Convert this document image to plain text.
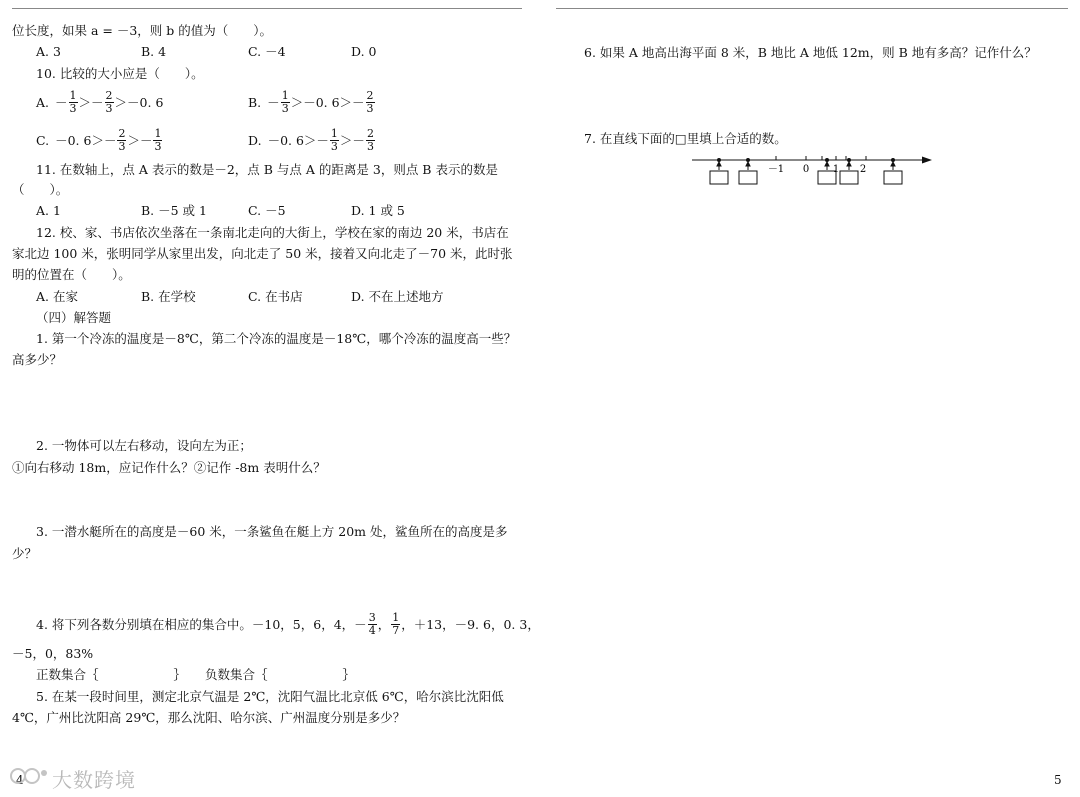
位长度，如果 a = －3，则 b 的值为（　　）。
A. 3	B. 4	C. －4	D. 0
10. 比较的大小应是（　　）。
A. － $\frac{1}{3} >- \frac{2}{3} >-0$. 6	B. － $\frac{1}{3} >-0$. $6>- \frac{2}{3}$
C. －0. $6>- \frac{2}{3} >- \frac{1}{3}$	D. －0. $6>- \frac{1}{3} >- \frac{2}{3}$
11. 在数轴上，点 A 表示的数是－2，点 B 与点 A 的距离是 3，则点 B 表示的数是
（　　）。
A. 1	B. －5 或 1	C. －5	D. 1 或 5
12. 校、家、书店依次坐落在一条南北走向的大街上，学校在家的南边 20 米，书店在
家北边 100 米，张明同学从家里出发，向北走了 50 米，接着又向北走了－70 米，此时张
明的位置在（　　）。
A. 在家	B. 在学校	C. 在书店	D. 不在上述地方
（四）解答题
1. 第一个冷冻的温度是－8℃，第二个冷冻的温度是－18℃，哪个冷冻的温度高一些？
高多少？
2. 一物体可以左右移动，设向左为正；
①向右移动 18m，应记作什么？②记作 -8m 表明什么？
3. 一潜水艇所在的高度是－60 米，一条鲨鱼在艇上方 20m 处，鲨鱼所在的高度是多
少？
4. 将下列各数分别填在相应的集合中。－10，5，6，4， － $\frac{3}{4}$ ， $\frac{1}{7}$ ，＋13，－9. 6，0. 3，
－5，0，83%
正数集合｛　　　　　　｝ 负数集合｛　　　　　　｝
5. 在某一段时间里，测定北京气温是 2℃，沈阳气温比北京低 6℃，哈尔滨比沈阳低
4℃，广州比沈阳高 29℃，那么沈阳、哈尔滨、广州温度分别是多少？
4 大数跨境
6. 如果 A 地高出海平面 8 米，B 地比 A 地低 12m，则 B 地有多高？记作什么？
7. 在直线下面的□里填上合适的数。
－1 0 1 2
5
